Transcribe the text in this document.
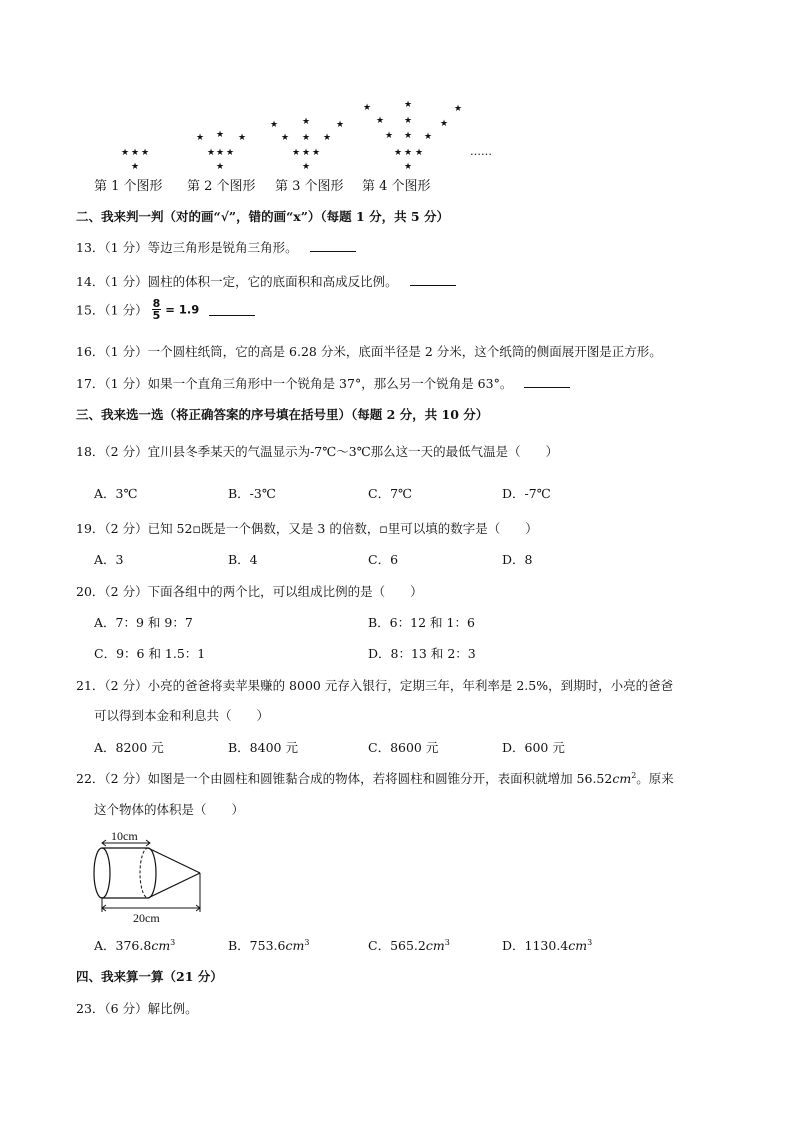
★ ★ ★
★
★ ★ ★
★ ★ ★
★
★	★	★
★ ★ ★
★ ★ ★
★
★	★	★
★ ★	★
★ ★ ★
★ ★ ★
★
第 1 个图形 第 2 个图形 第 3 个图形 第 4 个图形
……
二、我来判一判（对的画“√”，错的画“x”）（每题 1 分，共 5 分）
13．（1 分）等边三角形是锐角三角形。
14．（1 分）圆柱的体积一定，它的底面积和高成反比例。
15．（1 分） $\frac{8}{5} = 1.9$
16．（1 分）一个圆柱纸筒，它的高是 6.28 分米，底面半径是 2 分米，这个纸筒的侧面展开图是正方形。
17．（1 分）如果一个直角三角形中一个锐角是 37°，那么另一个锐角是 63°。
三、我来选一选（将正确答案的序号填在括号里）（每题 2 分，共 10 分）
18．（2 分）宜川县冬季某天的气温显示为-7℃～3℃那么这一天的最低气温是（　　）
A．3℃	B．-3℃	C．7℃	D．-7℃
19．（2 分）已知 52▫既是一个偶数，又是 3 的倍数，▫里可以填的数字是（　　）
A．3	B．4	C．6	D．8
20．（2 分）下面各组中的两个比，可以组成比例的是（　　）
A．7：9 和 9：7	B．6：12 和 1：6
C．9：6 和 1.5：1	D．8：13 和 2：3
21．（2 分）小亮的爸爸将卖苹果赚的 8000 元存入银行，定期三年，年利率是 2.5%，到期时，小亮的爸爸
可以得到本金和利息共（　　）
A．8200 元	B．8400 元	C．8600 元	D．600 元
22．（2 分）如图是一个由圆柱和圆锥黏合成的物体，若将圆柱和圆锥分开，表面积就增加 $56.52cm^2$。原来
这个物体的体积是（　　）
10cm
20cm
A．$376.8cm^3$	B．$753.6cm^3$	C．$565.2cm^3$	D．$1130.4cm^3$
四、我来算一算（21 分）
23．（6 分）解比例。
